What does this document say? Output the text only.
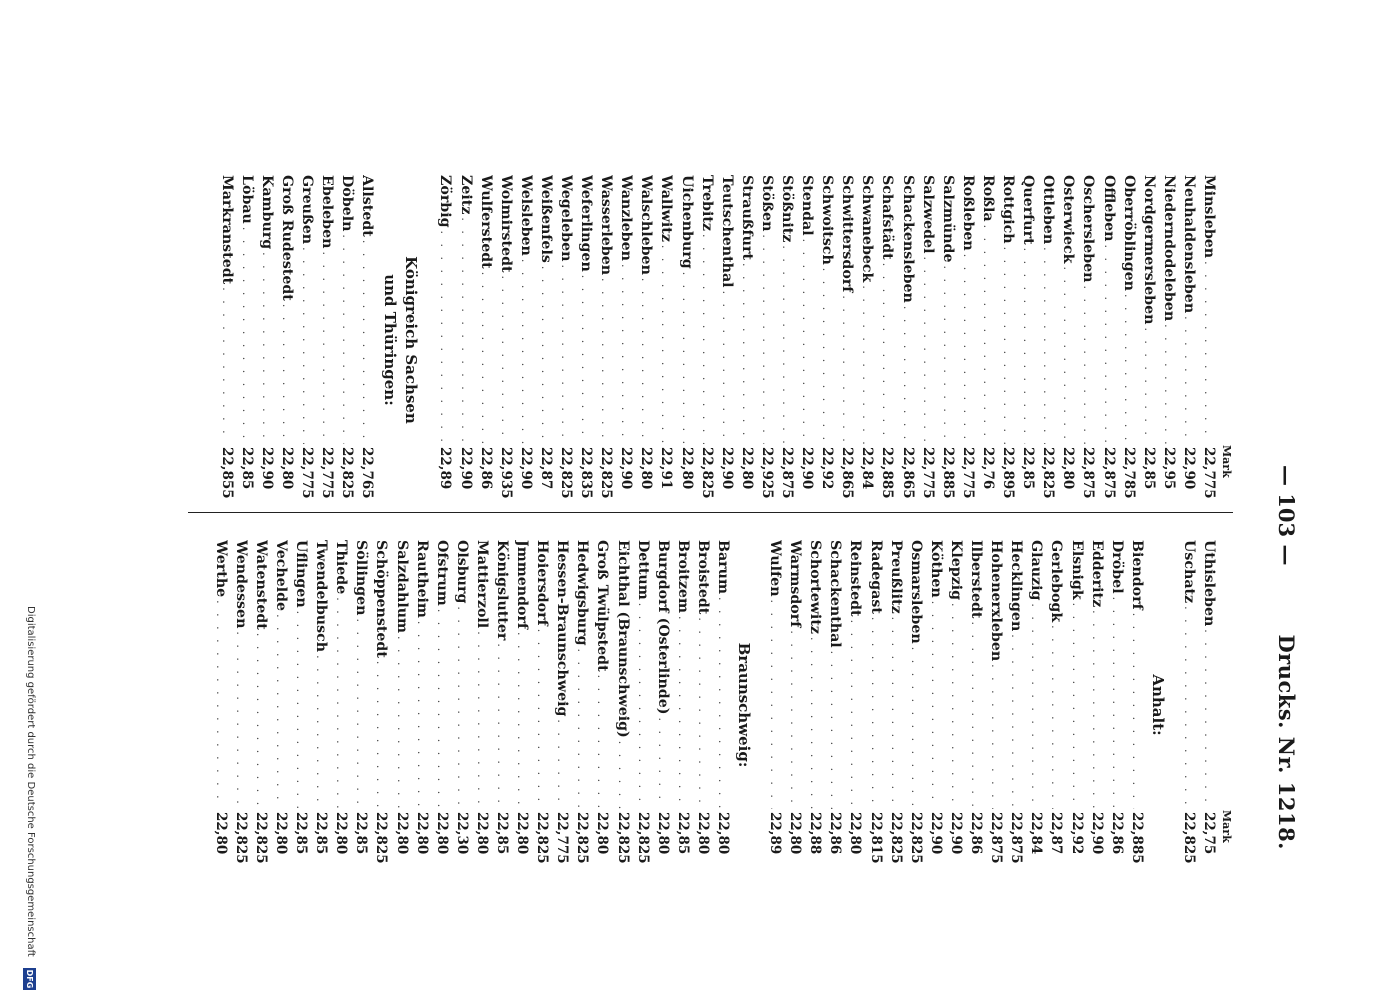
— 103 —
Drucks. Nr. 1218.
Mark
Minsleben
. . .
22,775
Neuhaldensleben
. . .
22,90
Niederndodeleben
. . .
22,95
Nordgermersleben
. . .
22,85
Oberröblingen
. . .
22,785
Offleben
. . .
22,875
Oschersleben
. . .
22,875
Osterwieck
. . .
22,80
Ottleben
. . .
22,825
Querfurt
. . .
22,85
Rottgich
. . .
22,895
Roßla
. . .
22,76
Roßleben
. . .
22,775
Salzmünde
. . .
22,885
Salzwedel
. . .
22,775
Schackensleben
. . .
22,865
Schafstädt
. . .
22,885
Schwanebeck
. . .
22,84
Schwittersdorf
. . .
22,865
Schwoitsch
. . .
22,92
Stendal
. . .
22,90
Stößnitz
. . .
22,875
Stößen
. . .
22,925
Straußfurt
. . .
22,80
Teutschenthal
. . .
22,90
Trebitz
. . .
22,825
Uichenburg
. . .
22,80
Wallwitz
. . .
22,91
Walschleben
. . .
22,80
Wanzleben
. . .
22,90
Wasserleben
. . .
22,825
Weferlingen
. . .
22,835
Wegeleben
. . .
22,825
Weißenfels
. . .
22,87
Welsleben
. . .
22,90
Wolmirstedt
. . .
22,935
Wulferstedt
. . .
22,86
Zeitz
. . .
22,90
Zörbig
. . .
22,89
Königreich Sachsen
und Thüringen:
Allstedt
. . .
22,765
Döbeln
. . .
22,825
Ebeleben
. . .
22,775
Greußen
. . .
22,775
Groß Rudestedt
. . .
22,80
Kamburg
. . .
22,90
Löbau
. . .
22,85
Markranstedt
. . .
22,855
Mark
Uthisleben
. . .
22,75
Uschatz
. . .
22,825
Anhalt:
Biendorf
. . .
22,885
Dröbel
. . .
22,86
Edderitz
. . .
22,90
Elsnigk
. . .
22,92
Gerlebogk
. . .
22,87
Glauzig
. . .
22,84
Hecklingen
. . .
22,875
Hohenerxleben
. . .
22,875
Ilberstedt
. . .
22,86
Klepzig
. . .
22,90
Köthen
. . .
22,90
Osmarsleben
. . .
22,825
Preußlitz
. . .
22,825
Radegast
. . .
22,815
Reinstedt
. . .
22,80
Schackenthal
. . .
22,86
Schortewitz
. . .
22,88
Warmsdorf
. . .
22,80
Wulfen
. . .
22,89
Braunschweig:
Barum
. . .
22,80
Broistedt
. . .
22,80
Broitzem
. . .
22,85
Burgdorf (Osterlinde)
. . .
22,80
Dettum
. . .
22,825
Eichthal (Braunschweig)
. . .
22,825
Groß Twülpstedt
. . .
22,80
Hedwigsburg
. . .
22,825
Hessen-Braunschweig
. . .
22,775
Hoiersdorf
. . .
22,825
Jmmendorf
. . .
22,80
Königslutter
. . .
22,85
Mattierzoll
. . .
22,80
Olsburg
. . .
22,30
Ofstrum
. . .
22,80
Rautheim
. . .
22,80
Salzdahlum
. . .
22,80
Schöppenstedt
. . .
22,825
Söllingen
. . .
22,85
Thiede
. . .
22,80
Twendelbusch
. . .
22,85
Uflingen
. . .
22,85
Vechelde
. . .
22,80
Watenstedt
. . .
22,825
Wendessen
. . .
22,825
Werthe
. . .
22,80
Digitalisierung gefördert durch die Deutsche Forschungsgemeinschaft
DFG
